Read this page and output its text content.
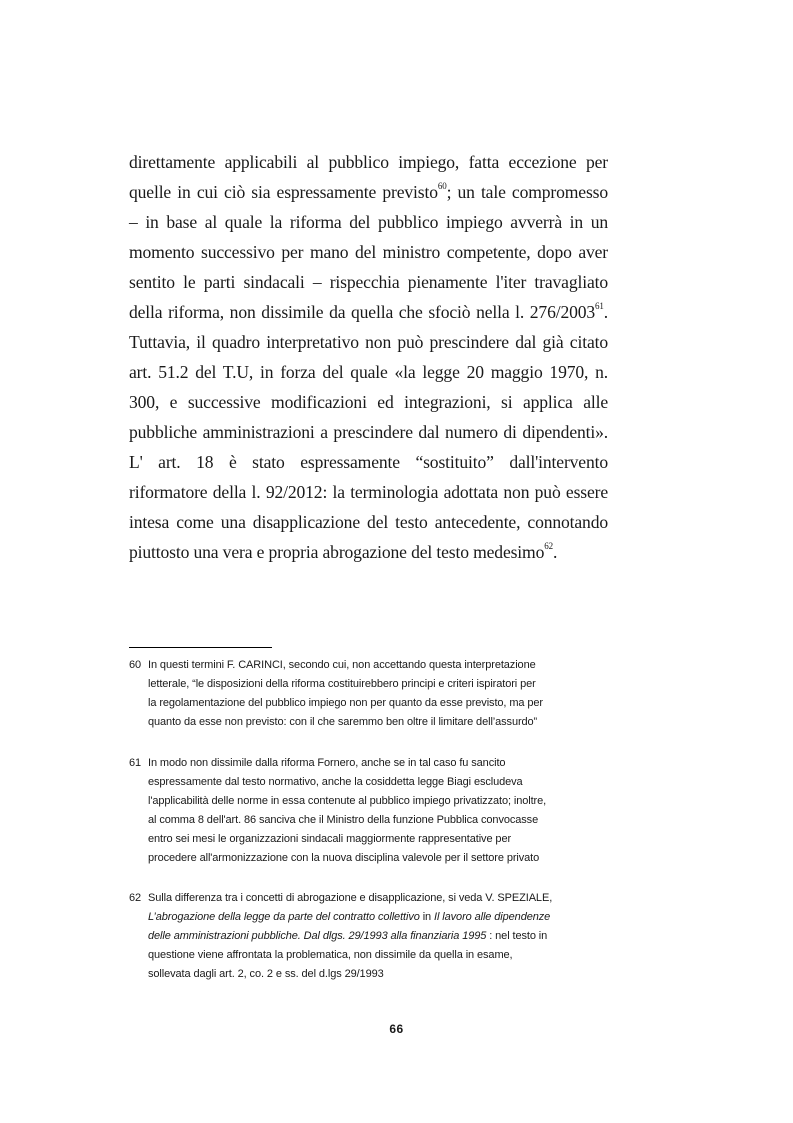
direttamente applicabili al pubblico impiego, fatta eccezione per
quelle in cui ciò sia espressamente previsto$^{60}$; un tale compromesso
– in base al quale la riforma del pubblico impiego avverrà in un
momento successivo per mano del ministro competente, dopo aver
sentito le parti sindacali – rispecchia pienamente l'iter travagliato
della riforma, non dissimile da quella che sfociò nella l. 276/2003$^{61}$.
Tuttavia, il quadro interpretativo non può prescindere dal già citato
art. 51.2 del T.U, in forza del quale «la legge 20 maggio 1970, n.
300, e successive modificazioni ed integrazioni, si applica alle
pubbliche amministrazioni a prescindere dal numero di dipendenti».
L' art. 18 è stato espressamente “sostituito” dall'intervento
riformatore della l. 92/2012: la terminologia adottata non può essere
intesa come una disapplicazione del testo antecedente, connotando
piuttosto una vera e propria abrogazione del testo medesimo$^{62}$.
60 In questi termini F. CARINCI, secondo cui, non accettando questa interpretazione
letterale, “le disposizioni della riforma costituirebbero principi e criteri ispiratori per
la regolamentazione del pubblico impiego non per quanto da esse previsto, ma per
quanto da esse non previsto: con il che saremmo ben oltre il limitare dell’assurdo”
61 In modo non dissimile dalla riforma Fornero, anche se in tal caso fu sancito
espressamente dal testo normativo, anche la cosiddetta legge Biagi escludeva
l'applicabilità delle norme in essa contenute al pubblico impiego privatizzato; inoltre,
al comma 8 dell'art. 86 sanciva che il Ministro della funzione Pubblica convocasse
entro sei mesi le organizzazioni sindacali maggiormente rappresentative per
procedere all'armonizzazione con la nuova disciplina valevole per il settore privato
62 Sulla differenza tra i concetti di abrogazione e disapplicazione, si veda V. SPEZIALE,
L’abrogazione della legge da parte del contratto collettivo in Il lavoro alle dipendenze
delle amministrazioni pubbliche. Dal dlgs. 29/1993 alla finanziaria 1995 : nel testo in
questione viene affrontata la problematica, non dissimile da quella in esame,
sollevata dagli art. 2, co. 2 e ss. del d.lgs 29/1993
66
